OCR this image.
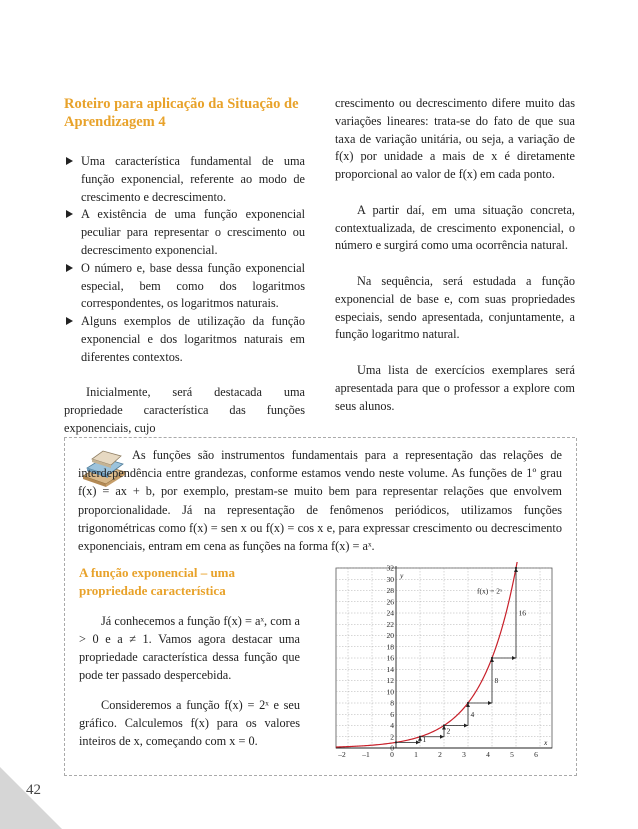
42
Roteiro para aplicação da Situação de Aprendizagem 4
Uma característica fundamental de uma função exponencial, referente ao modo de crescimento e decrescimento.
A existência de uma função exponencial peculiar para representar o crescimento ou decrescimento exponencial.
O número e, base dessa função exponencial especial, bem como dos logaritmos correspondentes, os logaritmos naturais.
Alguns exemplos de utilização da função exponencial e dos logaritmos naturais em diferentes contextos.

Inicialmente, será destacada uma propriedade característica das funções exponenciais, cujo

crescimento ou decrescimento difere muito das variações lineares: trata-se do fato de que sua taxa de variação unitária, ou seja, a variação de f(x) por unidade a mais de x é diretamente proporcional ao valor de f(x) em cada ponto.

A partir daí, em uma situação concreta, contextualizada, de crescimento exponencial, o número e surgirá como uma ocorrência natural.

Na sequência, será estudada a função exponencial de base e, com suas propriedades especiais, sendo apresentada, conjuntamente, a função logaritmo natural.

Uma lista de exercícios exemplares será apresentada para que o professor a explore com seus alunos.

As funções são instrumentos fundamentais para a representação das relações de interdependência entre grandezas, conforme estamos vendo neste volume. As funções de 1º grau f(x) = ax + b, por exemplo, prestam-se muito bem para representar relações que envolvem proporcionalidade. Já na representação de fenômenos periódicos, utilizamos funções trigonométricas como f(x) = sen x ou f(x) = cos x e, para expressar crescimento ou decrescimento exponenciais, entram em cena as funções na forma f(x) = aˣ.
A função exponencial – uma propriedade característica

Já conhecemos a função f(x) = aˣ, com a > 0 e a ≠ 1. Vamos agora destacar uma propriedade característica dessa função que pode ter passado despercebida.

Consideremos a função f(x) = 2ˣ e seu gráfico. Calculemos f(x) para os valores inteiros de x, começando com x = 0.	0
2
4
6
8
10
12
14
16
18
20
22
24
26
28
30
32
–2 –1	0	1	2	3	4	5	6
y
x
1
2
4
8
16
f(x) = 2ˣ
